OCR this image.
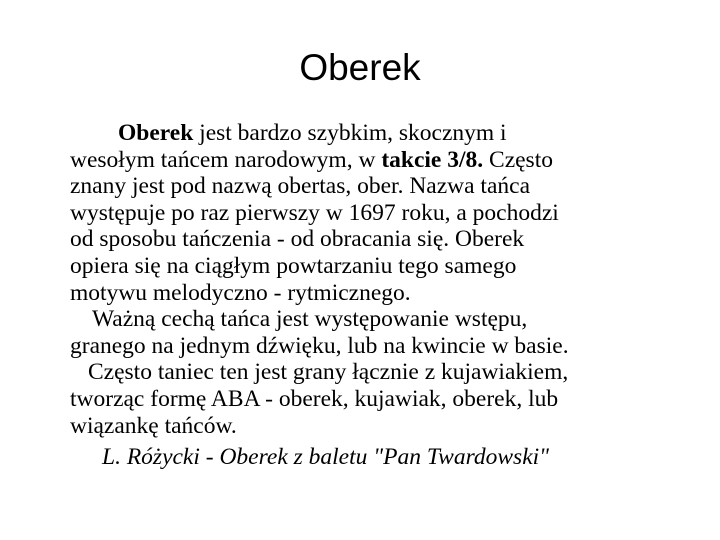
Oberek
Oberek jest bardzo szybkim, skocznym i
wesołym tańcem narodowym, w takcie 3/8. Często
znany jest pod nazwą obertas, ober. Nazwa tańca
występuje po raz pierwszy w 1697 roku, a pochodzi
od sposobu tańczenia - od obracania się. Oberek
opiera się na ciągłym powtarzaniu tego samego
motywu melodyczno - rytmicznego.
Ważną cechą tańca jest występowanie wstępu,
granego na jednym dźwięku, lub na kwincie w basie.
Często taniec ten jest grany łącznie z kujawiakiem,
tworząc formę ABA - oberek, kujawiak, oberek, lub
wiązankę tańców.
L. Różycki - Oberek z baletu "Pan Twardowski"
